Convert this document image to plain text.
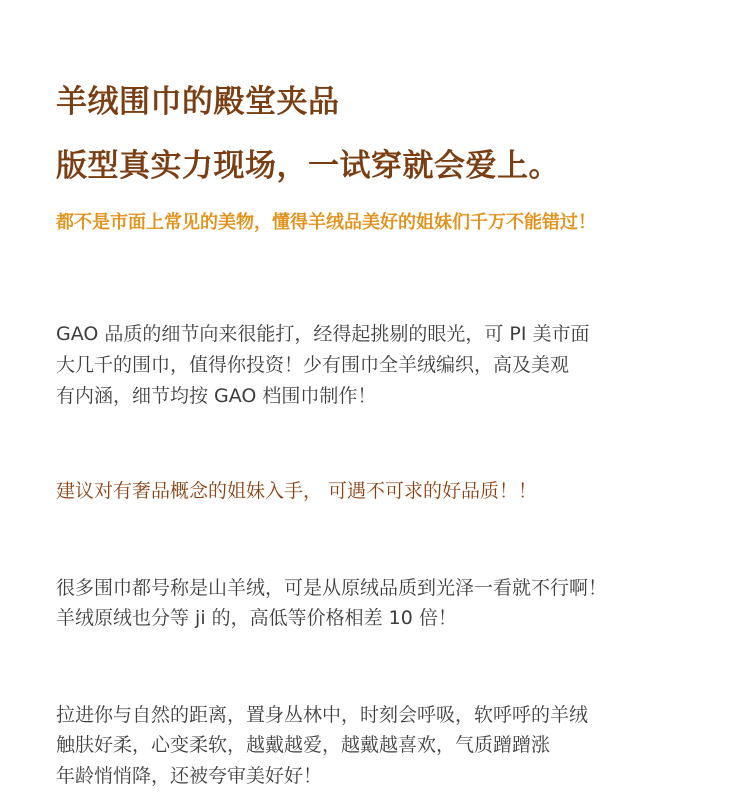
羊绒围巾的殿堂夹品
版型真实力现场，一试穿就会爱上。

都不是市面上常见的美物，懂得羊绒品美好的姐妹们千万不能错过！

GAO 品质的细节向来很能打，经得起挑剔的眼光，可 PI 美市面

大几千的围巾，值得你投资！少有围巾全羊绒编织，高及美观

有内涵，细节均按 GAO 档围巾制作！

建议对有奢品概念的姐妹入手， 可遇不可求的好品质！！

很多围巾都号称是山羊绒，可是从原绒品质到光泽一看就不行啊！

羊绒原绒也分等 ji 的，高低等价格相差 10 倍！

拉进你与自然的距离，置身丛林中，时刻会呼吸，软呼呼的羊绒

触肤好柔，心变柔软，越戴越爱，越戴越喜欢，气质蹭蹭涨

年龄悄悄降，还被夸审美好好！
